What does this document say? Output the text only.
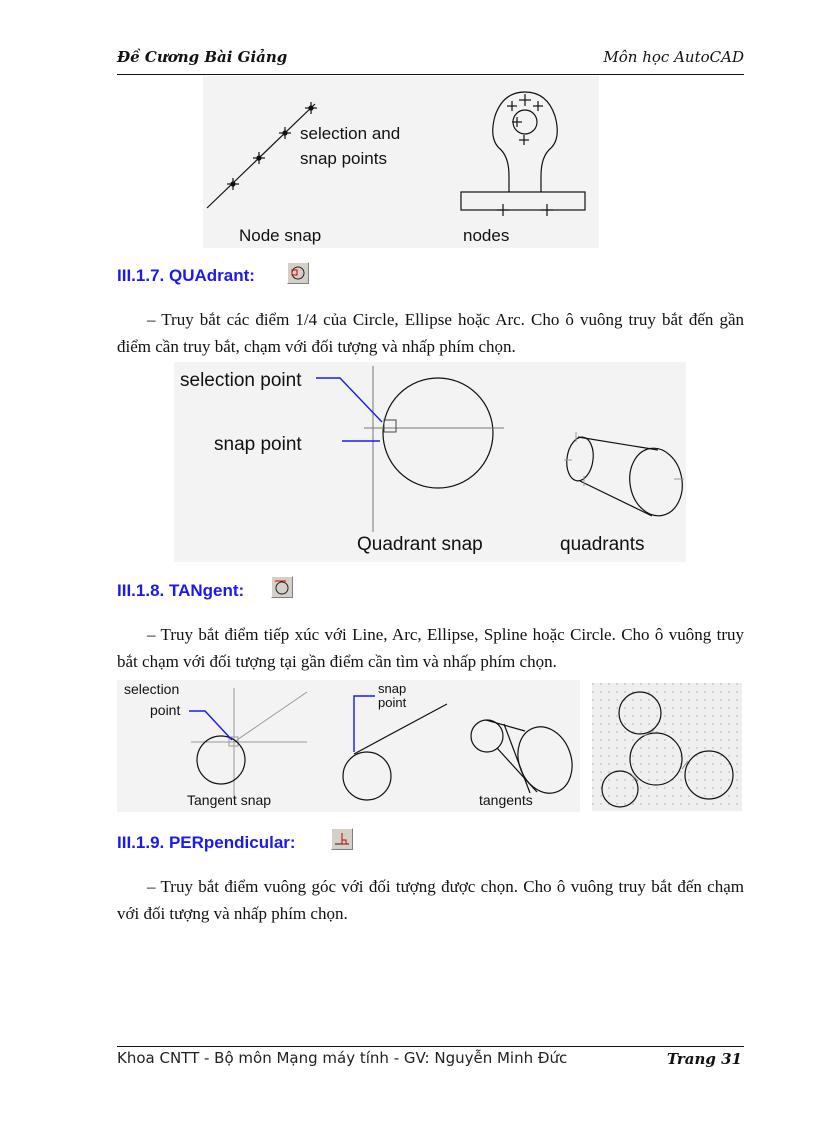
Đề Cương Bài Giảng	Môn học AutoCAD
selection and
snap points
Node snap	nodes
III.1.7. QUAdrant:

– Truy bắt các điểm 1/4 của Circle, Ellipse hoặc Arc. Cho ô vuông truy bắt đến gần điểm cần truy bắt, chạm với đối tượng và nhấp phím chọn.

selection point
snap point
Quadrant snap	quadrants
III.1.8. TANgent:

– Truy bắt điểm tiếp xúc với Line, Arc, Ellipse, Spline hoặc Circle. Cho ô vuông truy bắt chạm với đối tượng tại gần điểm cần tìm và nhấp phím chọn.

selection
point
snap
point
Tangent snap	tangents
III.1.9. PERpendicular:

– Truy bắt điểm vuông góc với đối tượng được chọn. Cho ô vuông truy bắt đến chạm với đối tượng và nhấp phím chọn.

Khoa CNTT - Bộ môn Mạng máy tính - GV: Nguyễn Minh Đức	Trang 31
